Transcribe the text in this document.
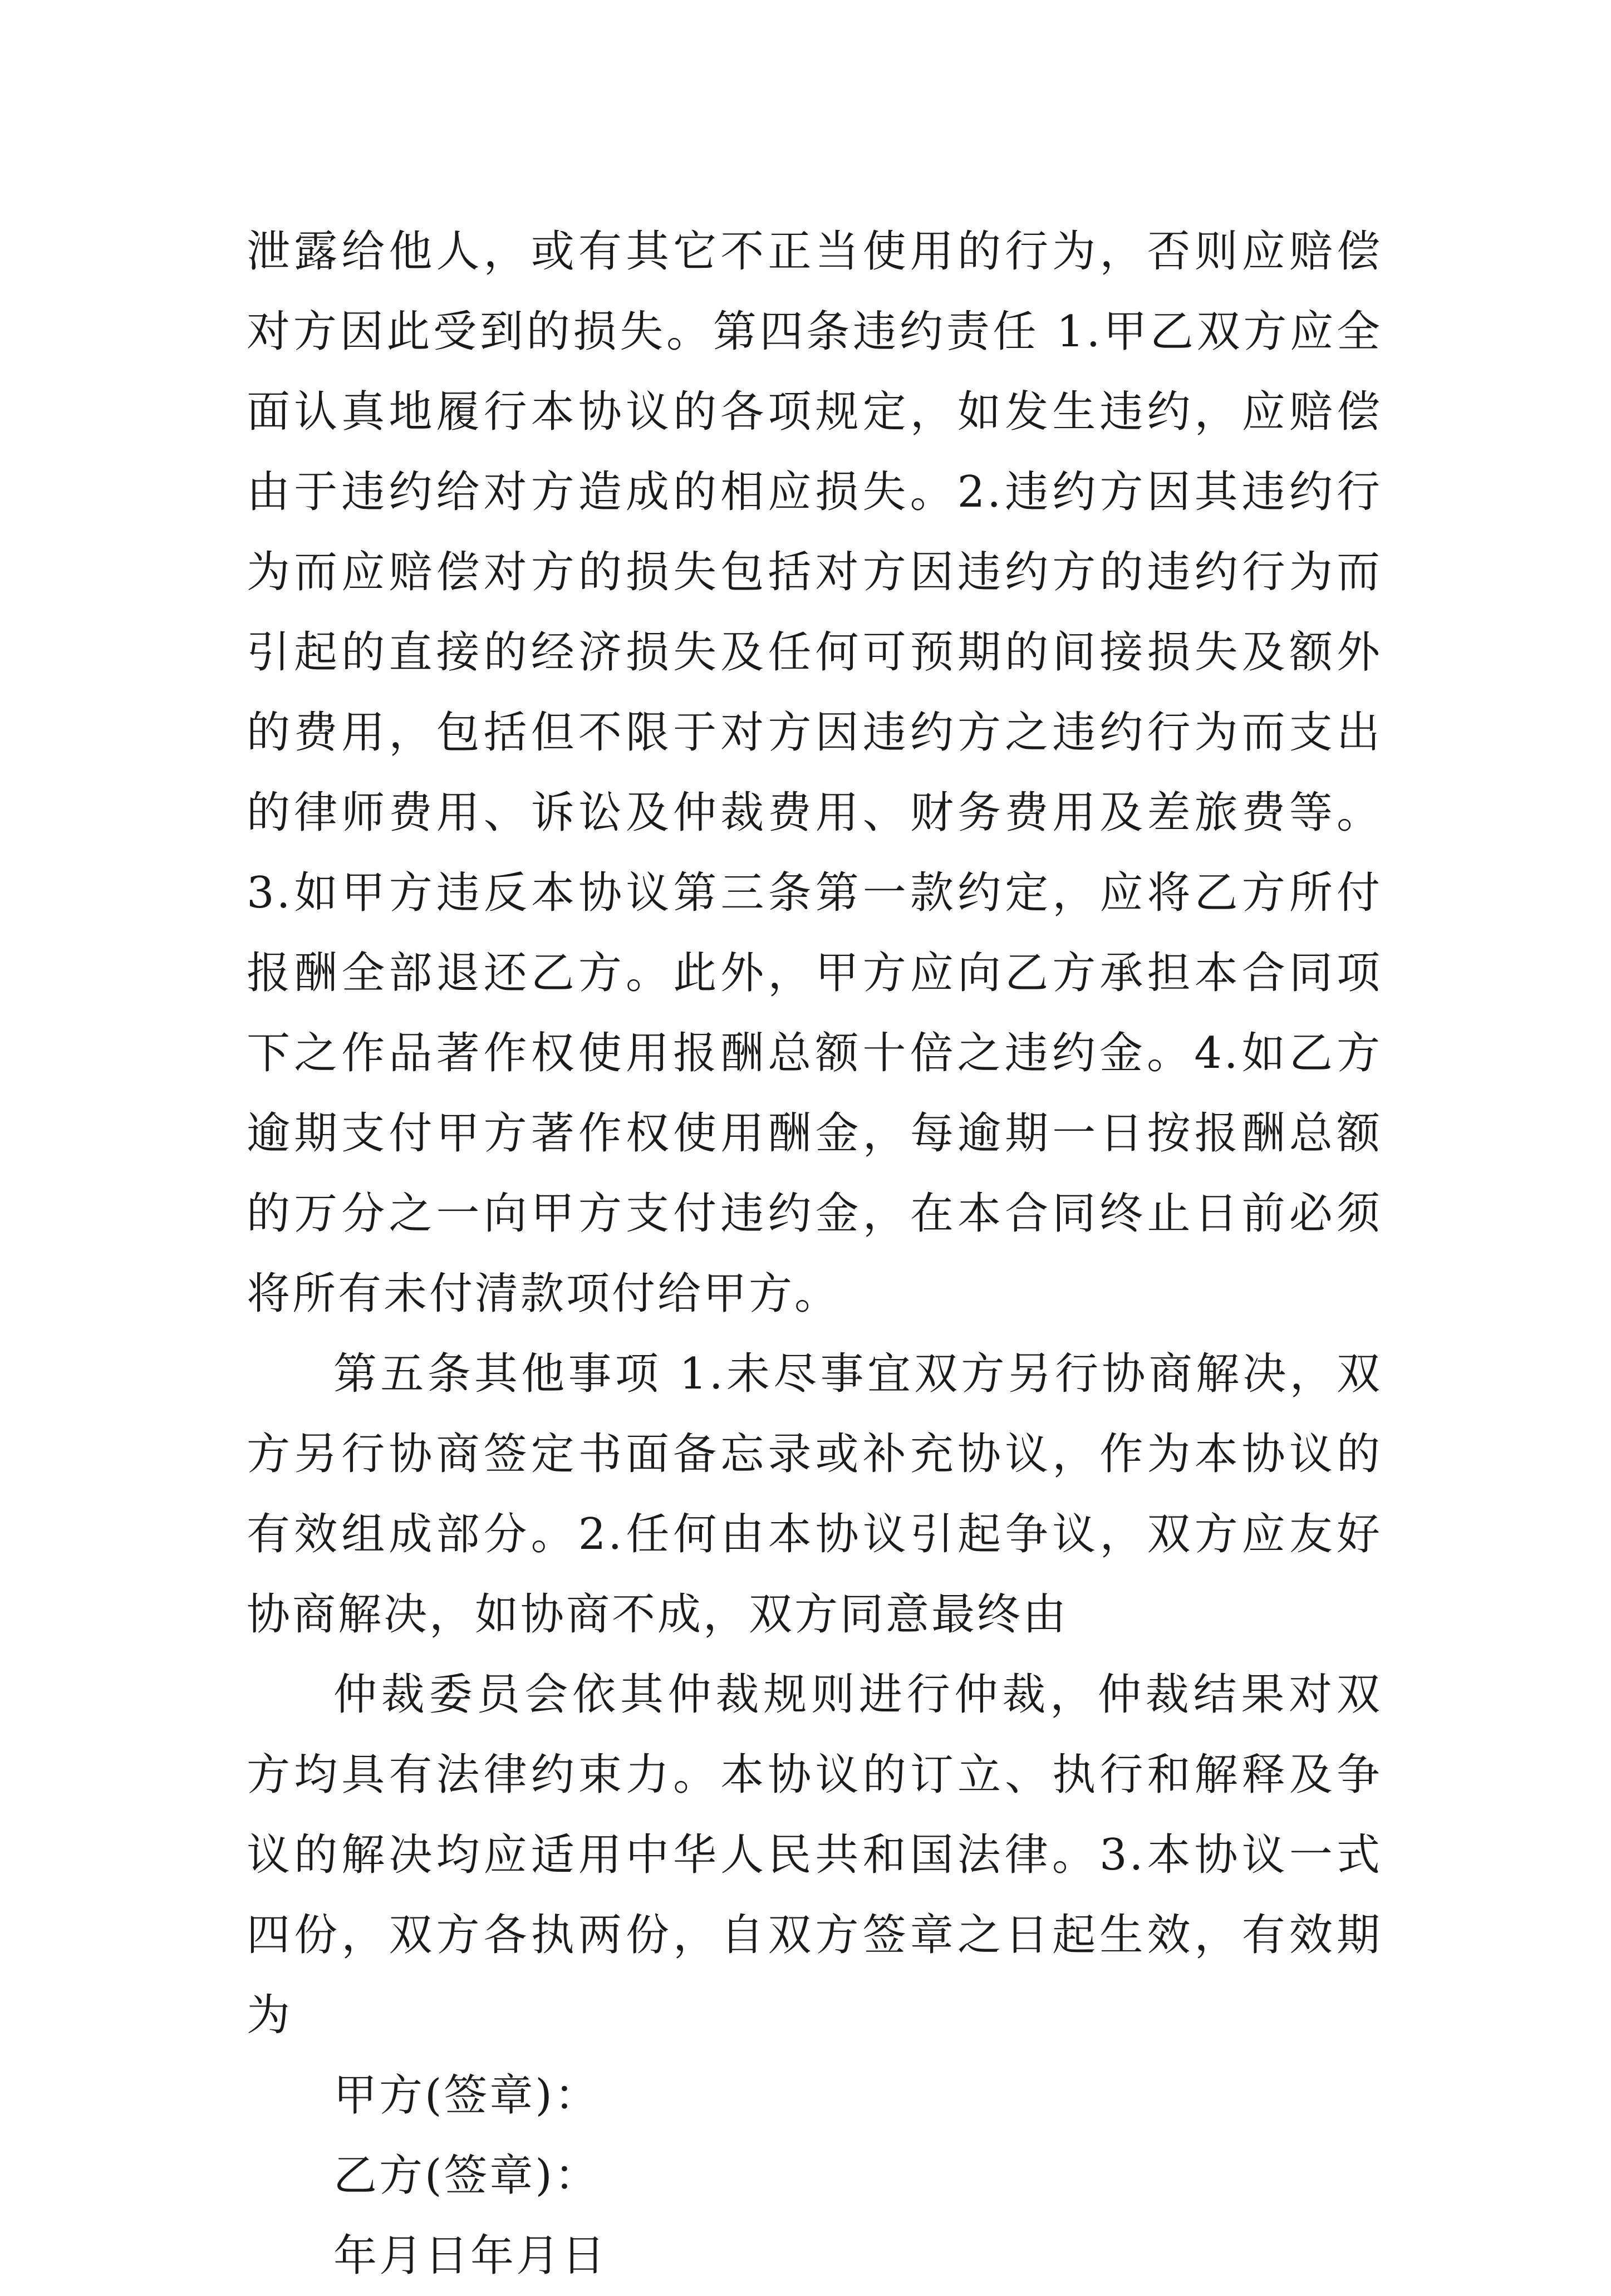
泄露给他人，或有其它不正当使用的行为，否则应赔偿对方因此受到的损失。第四条违约责任 1.甲乙双方应全面认真地履行本协议的各项规定，如发生违约，应赔偿由于违约给对方造成的相应损失。2.违约方因其违约行为而应赔偿对方的损失包括对方因违约方的违约行为而引起的直接的经济损失及任何可预期的间接损失及额外的费用，包括但不限于对方因违约方之违约行为而支出的律师费用、诉讼及仲裁费用、财务费用及差旅费等。3.如甲方违反本协议第三条第一款约定，应将乙方所付报酬全部退还乙方。此外，甲方应向乙方承担本合同项下之作品著作权使用报酬总额十倍之违约金。4.如乙方逾期支付甲方著作权使用酬金，每逾期一日按报酬总额的万分之一向甲方支付违约金，在本合同终止日前必须将所有未付清款项付给甲方。

第五条其他事项 1.未尽事宜双方另行协商解决，双方另行协商签定书面备忘录或补充协议，作为本协议的有效组成部分。2.任何由本协议引起争议，双方应友好协商解决，如协商不成，双方同意最终由

仲裁委员会依其仲裁规则进行仲裁，仲裁结果对双方均具有法律约束力。本协议的订立、执行和解释及争议的解决均应适用中华人民共和国法律。3.本协议一式四份，双方各执两份，自双方签章之日起生效，有效期为

甲方(签章)：

乙方(签章)：

年月日年月日
